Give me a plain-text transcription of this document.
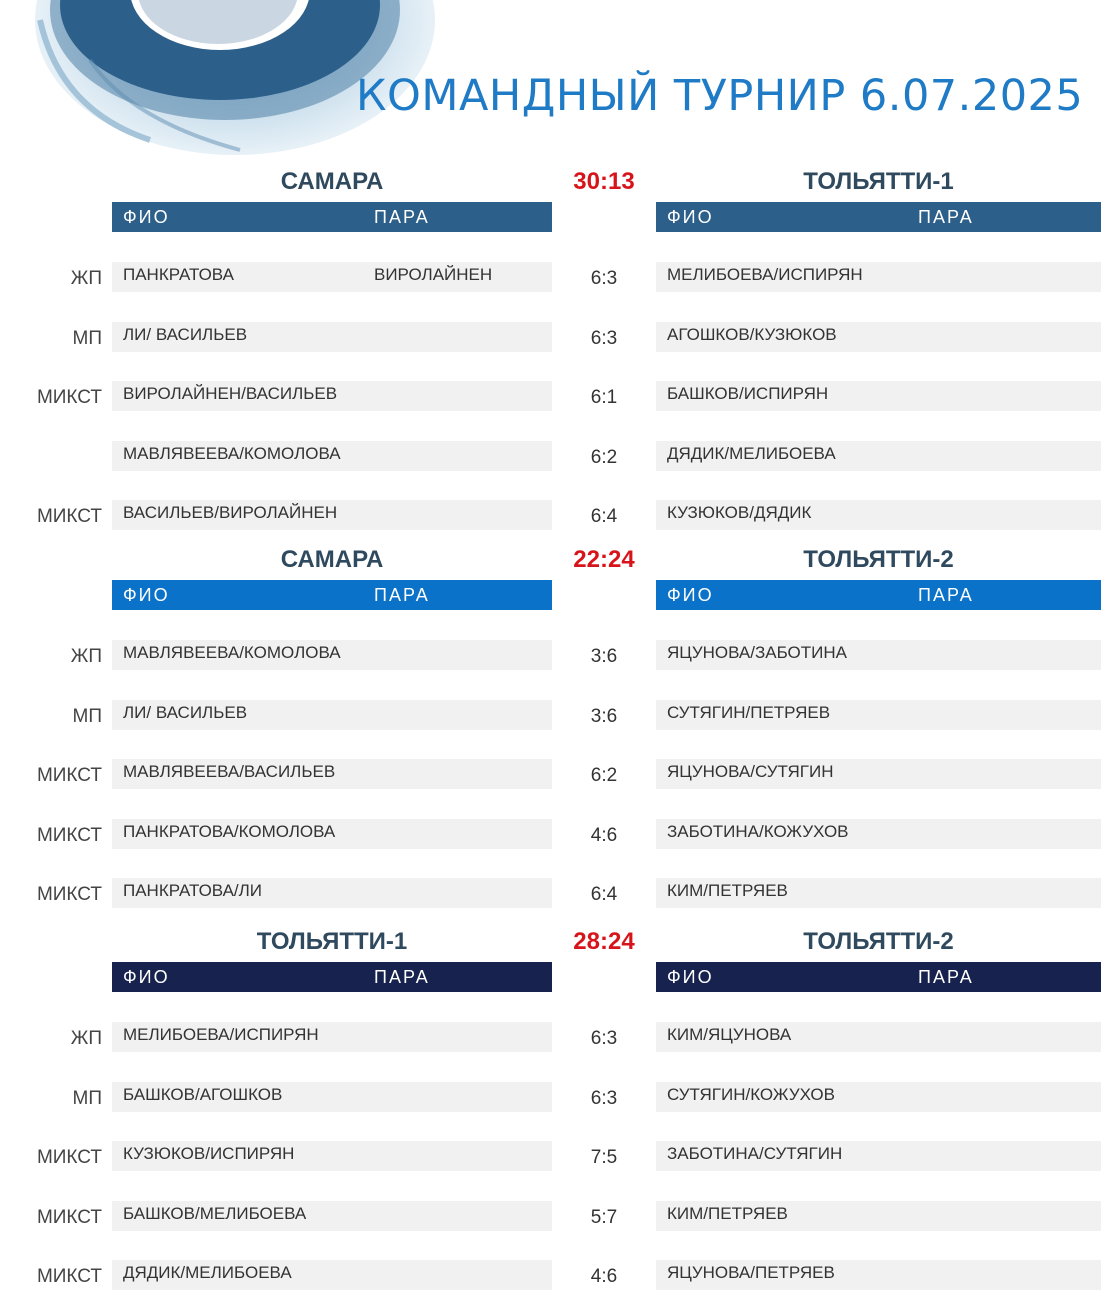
КОМАНДНЫЙ ТУРНИР 6.07.2025
САМАРА	30:13	ТОЛЬЯТТИ-1
ФИО	ПАРА	ФИО	ПАРА
ЖП ПАНКРАТОВА	ВИРОЛАЙНЕН	6:3	МЕЛИБОЕВА/ИСПИРЯН
МП ЛИ/ ВАСИЛЬЕВ	6:3	АГОШКОВ/КУЗЮКОВ
МИКСТ ВИРОЛАЙНЕН/ВАСИЛЬЕВ	6:1	БАШКОВ/ИСПИРЯН
МАВЛЯВЕЕВА/КОМОЛОВА	6:2	ДЯДИК/МЕЛИБОЕВА
МИКСТ ВАСИЛЬЕВ/ВИРОЛАЙНЕН	6:4	КУЗЮКОВ/ДЯДИК
САМАРА	22:24	ТОЛЬЯТТИ-2
ФИО	ПАРА	ФИО	ПАРА
ЖП МАВЛЯВЕЕВА/КОМОЛОВА	3:6	ЯЦУНОВА/ЗАБОТИНА
МП ЛИ/ ВАСИЛЬЕВ	3:6	СУТЯГИН/ПЕТРЯЕВ
МИКСТ МАВЛЯВЕЕВА/ВАСИЛЬЕВ	6:2	ЯЦУНОВА/СУТЯГИН
МИКСТ ПАНКРАТОВА/КОМОЛОВА	4:6	ЗАБОТИНА/КОЖУХОВ
МИКСТ ПАНКРАТОВА/ЛИ	6:4	КИМ/ПЕТРЯЕВ
ТОЛЬЯТТИ-1	28:24	ТОЛЬЯТТИ-2
ФИО	ПАРА	ФИО	ПАРА
ЖП МЕЛИБОЕВА/ИСПИРЯН	6:3	КИМ/ЯЦУНОВА
МП БАШКОВ/АГОШКОВ	6:3	СУТЯГИН/КОЖУХОВ
МИКСТ КУЗЮКОВ/ИСПИРЯН	7:5	ЗАБОТИНА/СУТЯГИН
МИКСТ БАШКОВ/МЕЛИБОЕВА	5:7	КИМ/ПЕТРЯЕВ
МИКСТ ДЯДИК/МЕЛИБОЕВА	4:6	ЯЦУНОВА/ПЕТРЯЕВ
